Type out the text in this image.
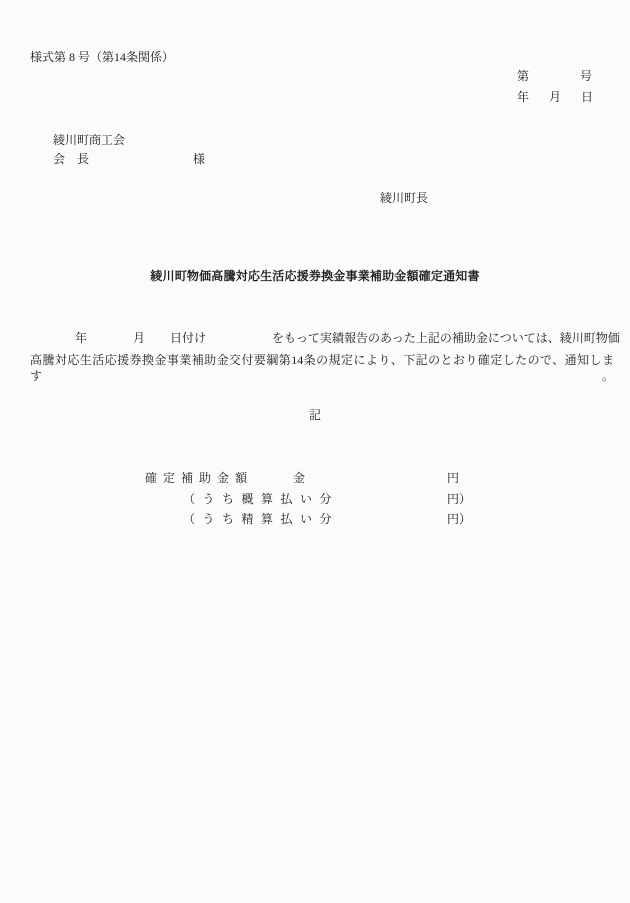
様式第 8 号（第14条関係）
第	号
年 月 日
綾川町商工会
会　長	様
綾川町長
綾川町物価高騰対応生活応援券換金事業補助金額確定通知書
年	月 日付け	をもって実績報告のあった上記の補助金については、綾川町物価
高騰対応生活応援券換金事業補助金交付要綱第14条の規定により、下記のとおり確定したので、通知します。
記
確定補助金額	金	円
（うち概算払い分	円）
（うち精算払い分	円）
